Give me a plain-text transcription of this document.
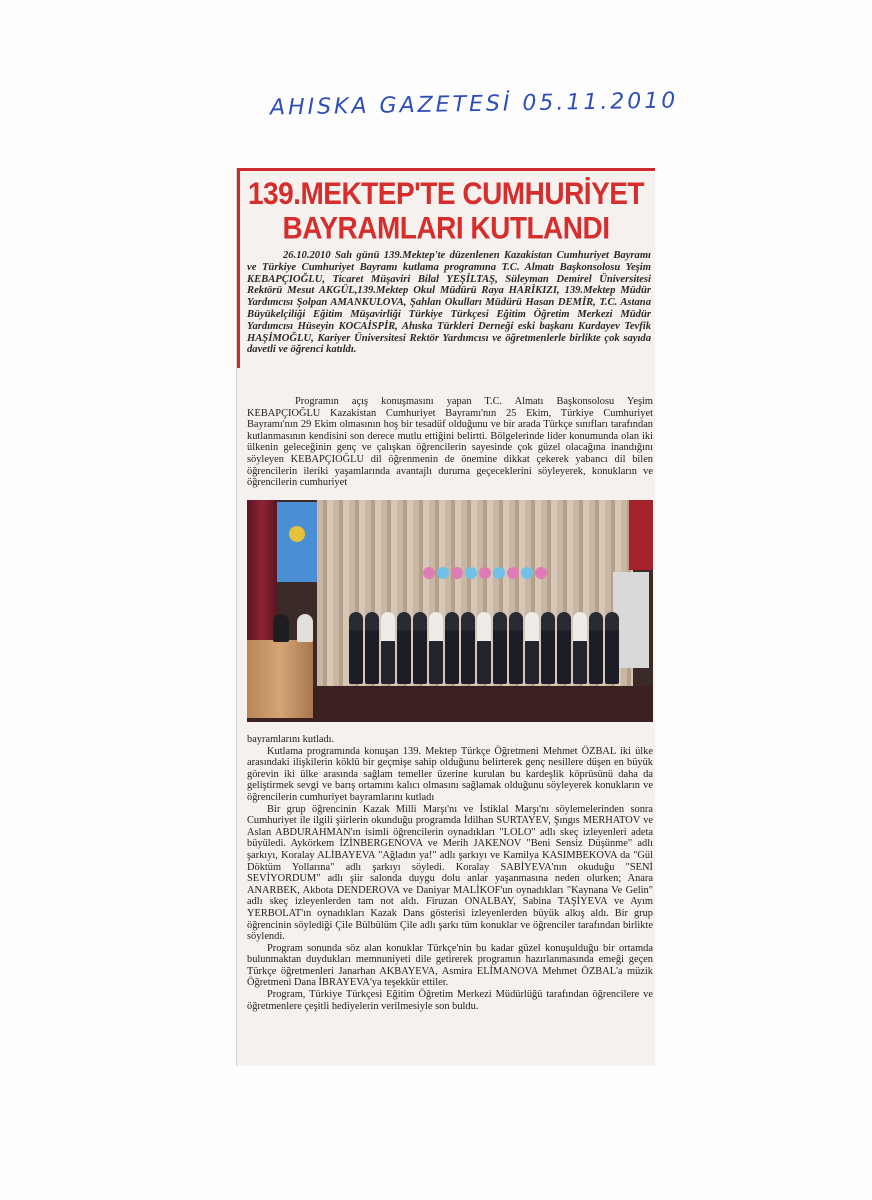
AHISKA GAZETESİ 05.11.2010
139.MEKTEP'TE CUMHURİYET
BAYRAMLARI KUTLANDI

26.10.2010 Salı günü 139.Mektep'te düzenlenen Kazakistan Cumhuriyet Bayramı ve Türkiye Cumhuriyet Bayramı kutlama programına T.C. Almatı Başkonsolosu Yeşim KEBAPÇIOĞLU, Ticaret Müşaviri Bilal YEŞİLTAŞ, Süleyman Demirel Üniversitesi Rektörü Mesut AKGÜL,139.Mektep Okul Müdürü Raya HARİKIZI, 139.Mektep Müdür Yardımcısı Şolpan AMANKULOVA, Şahlan Okulları Müdürü Hasan DEMİR, T.C. Astana Büyükelçiliği Eğitim Müşavirliği Türkiye Türkçesi Eğitim Öğretim Merkezi Müdür Yardımcısı Hüseyin KOCAİSPİR, Ahıska Türkleri Derneği eski başkanı Kurdayev Tevfik HAŞİMOĞLU, Kariyer Üniversitesi Rektör Yardımcısı ve öğretmenlerle birlikte çok sayıda davetli ve öğrenci katıldı.

Programın açış konuşmasını yapan T.C. Almatı Başkonsolosu Yeşim KEBAPÇIOĞLU Kazakistan Cumhuriyet Bayramı'nın 25 Ekim, Türkiye Cumhuriyet Bayramı'nın 29 Ekim olmasının hoş bir tesadüf olduğunu ve bir arada Türkçe sınıfları tarafından kutlanmasının kendisini son derece mutlu ettiğini belirtti. Bölgelerinde lider konumunda olan iki ülkenin geleceğinin genç ve çalışkan öğrencilerin sayesinde çok güzel olacağına inandığını söyleyen KEBAPÇIOĞLU dil öğrenmenin de önemine dikkat çekerek yabancı dil bilen öğrencilerin ileriki yaşamlarında avantajlı duruma geçeceklerini söyleyerek, konukların ve öğrencilerin cumhuriyet

bayramlarını kutladı.

Kutlama programında konuşan 139. Mektep Türkçe Öğretmeni Mehmet ÖZBAL iki ülke arasındaki ilişkilerin köklü bir geçmişe sahip olduğunu belirterek genç nesillere düşen en büyük görevin iki ülke arasında sağlam temeller üzerine kurulan bu kardeşlik köprüsünü daha da geliştirmek sevgi ve barış ortamını kalıcı olmasını sağlamak olduğunu söyleyerek konukların ve öğrencilerin cumhuriyet bayramlarını kutladı

Bir grup öğrencinin Kazak Milli Marşı'nı ve İstiklal Marşı'nı söylemelerinden sonra Cumhuriyet ile ilgili şiirlerin okunduğu programda İdilhan SURTAYEV, Şıngıs MERHATOV ve Aslan ABDURAHMAN'ın isimli öğrencilerin oynadıkları "LOLO" adlı skeç izleyenleri adeta büyüledi. Aykörkem İZİNBERGENOVA ve Merih JAKENOV "Beni Sensiz Düşünme" adlı şarkıyı, Koralay ALİBAYEVA "Ağladın ya!" adlı şarkıyı ve Kamilya KASIMBEKOVA da "Gül Döktüm Yollarına" adlı şarkıyı söyledi. Koralay SABİYEVA'nın okuduğu "SENİ SEVİYORDUM" adlı şiir salonda duygu dolu anlar yaşanmasına neden olurken; Anara ANARBEK, Akbota DENDEROVA ve Daniyar MALİKOF'un oynadıkları "Kaynana Ve Gelin" adlı skeç izleyenlerden tam not aldı. Firuzan ONALBAY, Sabina TAŞİYEVA ve Ayım YERBOLAT'ın oynadıkları Kazak Dans gösterisi izleyenlerden büyük alkış aldı. Bir grup öğrencinin söylediği Çile Bülbülüm Çile adlı şarkı tüm konuklar ve öğrenciler tarafından birlikte söylendi.

Program sonunda söz alan konuklar Türkçe'nin bu kadar güzel konuşulduğu bir ortamda bulunmaktan duydukları memnuniyeti dile getirerek programın hazırlanmasında emeği geçen Türkçe öğretmenleri Janarhan AKBAYEVA, Asmira ELİMANOVA Mehmet ÖZBAL'a müzik Öğretmeni Dana İBRAYEVA'ya teşekkür ettiler.

Program, Türkiye Türkçesi Eğitim Öğretim Merkezi Müdürlüğü tarafından öğrencilere ve öğretmenlere çeşitli hediyelerin verilmesiyle son buldu.
